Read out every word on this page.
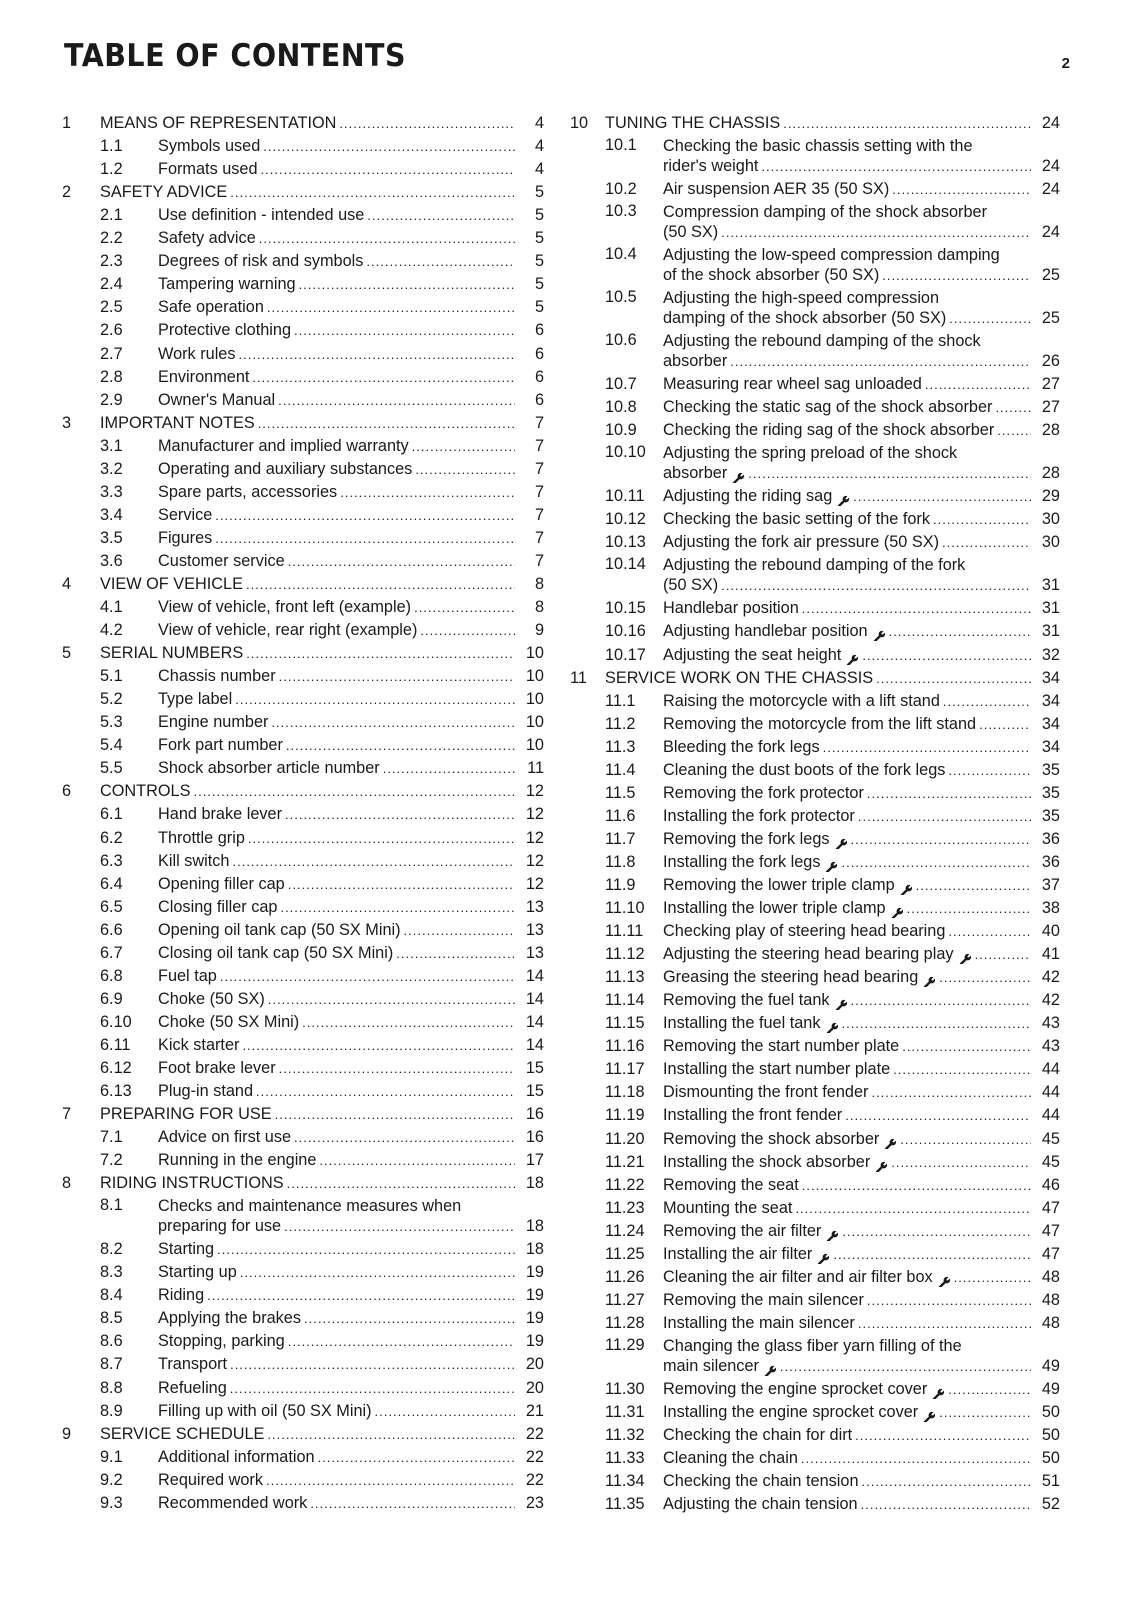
TABLE OF CONTENTS	2
1	MEANS OF REPRESENTATION .....	4
1.1	Symbols used .....	4
1.2	Formats used .....	4
2	SAFETY ADVICE .....	5
2.1	Use definition - intended use .....	5
2.2	Safety advice .....	5
2.3	Degrees of risk and symbols .....	5
2.4	Tampering warning .....	5
2.5	Safe operation .....	5
2.6	Protective clothing .....	6
2.7	Work rules .....	6
2.8	Environment .....	6
2.9	Owner's Manual .....	6
3	IMPORTANT NOTES .....	7
3.1	Manufacturer and implied warranty .....	7
3.2	Operating and auxiliary substances .....	7
3.3	Spare parts, accessories .....	7
3.4	Service .....	7
3.5	Figures .....	7
3.6	Customer service .....	7
4	VIEW OF VEHICLE .....	8
4.1	View of vehicle, front left (example) .....	8
4.2	View of vehicle, rear right (example) .....	9
5	SERIAL NUMBERS .....	10
5.1	Chassis number .....	10
5.2	Type label .....	10
5.3	Engine number .....	10
5.4	Fork part number .....	10
5.5	Shock absorber article number .....	11
6	CONTROLS .....	12
6.1	Hand brake lever .....	12
6.2	Throttle grip .....	12
6.3	Kill switch .....	12
6.4	Opening filler cap .....	12
6.5	Closing filler cap .....	13
6.6	Opening oil tank cap (50 SX Mini) .....	13
6.7	Closing oil tank cap (50 SX Mini) .....	13
6.8	Fuel tap .....	14
6.9	Choke (50 SX) .....	14
6.10	Choke (50 SX Mini) .....	14
6.11	Kick starter .....	14
6.12	Foot brake lever .....	15
6.13	Plug-in stand .....	15
7	PREPARING FOR USE .....	16
7.1	Advice on first use .....	16
7.2	Running in the engine .....	17
8	RIDING INSTRUCTIONS .....	18
8.1	Checks and maintenance measures when
preparing for use .....	18
8.2	Starting .....	18
8.3	Starting up .....	19
8.4	Riding .....	19
8.5	Applying the brakes .....	19
8.6	Stopping, parking .....	19
8.7	Transport .....	20
8.8	Refueling .....	20
8.9	Filling up with oil (50 SX Mini) .....	21
9	SERVICE SCHEDULE .....	22
9.1	Additional information .....	22
9.2	Required work .....	22
9.3	Recommended work .....	23
10	TUNING THE CHASSIS .....	24
10.1	Checking the basic chassis setting with the
rider's weight .....	24
10.2	Air suspension AER 35 (50 SX) .....	24
10.3	Compression damping of the shock absorber
(50 SX) .....	24
10.4	Adjusting the low-speed compression damping
of the shock absorber (50 SX) .....	25
10.5	Adjusting the high-speed compression
damping of the shock absorber (50 SX) .....	25
10.6	Adjusting the rebound damping of the shock
absorber .....	26
10.7	Measuring rear wheel sag unloaded .....	27
10.8	Checking the static sag of the shock absorber .....	27
10.9	Checking the riding sag of the shock absorber .....	28
10.10	Adjusting the spring preload of the shock
absorber .....	28
10.11	Adjusting the riding sag .....	29
10.12	Checking the basic setting of the fork .....	30
10.13	Adjusting the fork air pressure (50 SX) .....	30
10.14	Adjusting the rebound damping of the fork
(50 SX) .....	31
10.15	Handlebar position .....	31
10.16	Adjusting handlebar position .....	31
10.17	Adjusting the seat height .....	32
11	SERVICE WORK ON THE CHASSIS .....	34
11.1	Raising the motorcycle with a lift stand .....	34
11.2	Removing the motorcycle from the lift stand .....	34
11.3	Bleeding the fork legs .....	34
11.4	Cleaning the dust boots of the fork legs .....	35
11.5	Removing the fork protector .....	35
11.6	Installing the fork protector .....	35
11.7	Removing the fork legs .....	36
11.8	Installing the fork legs .....	36
11.9	Removing the lower triple clamp .....	37
11.10	Installing the lower triple clamp .....	38
11.11	Checking play of steering head bearing .....	40
11.12	Adjusting the steering head bearing play .....	41
11.13	Greasing the steering head bearing .....	42
11.14	Removing the fuel tank .....	42
11.15	Installing the fuel tank .....	43
11.16	Removing the start number plate .....	43
11.17	Installing the start number plate .....	44
11.18	Dismounting the front fender .....	44
11.19	Installing the front fender .....	44
11.20	Removing the shock absorber .....	45
11.21	Installing the shock absorber .....	45
11.22	Removing the seat .....	46
11.23	Mounting the seat .....	47
11.24	Removing the air filter .....	47
11.25	Installing the air filter .....	47
11.26	Cleaning the air filter and air filter box .....	48
11.27	Removing the main silencer .....	48
11.28	Installing the main silencer .....	48
11.29	Changing the glass fiber yarn filling of the
main silencer .....	49
11.30	Removing the engine sprocket cover .....	49
11.31	Installing the engine sprocket cover .....	50
11.32	Checking the chain for dirt .....	50
11.33	Cleaning the chain .....	50
11.34	Checking the chain tension .....	51
11.35	Adjusting the chain tension .....	52
